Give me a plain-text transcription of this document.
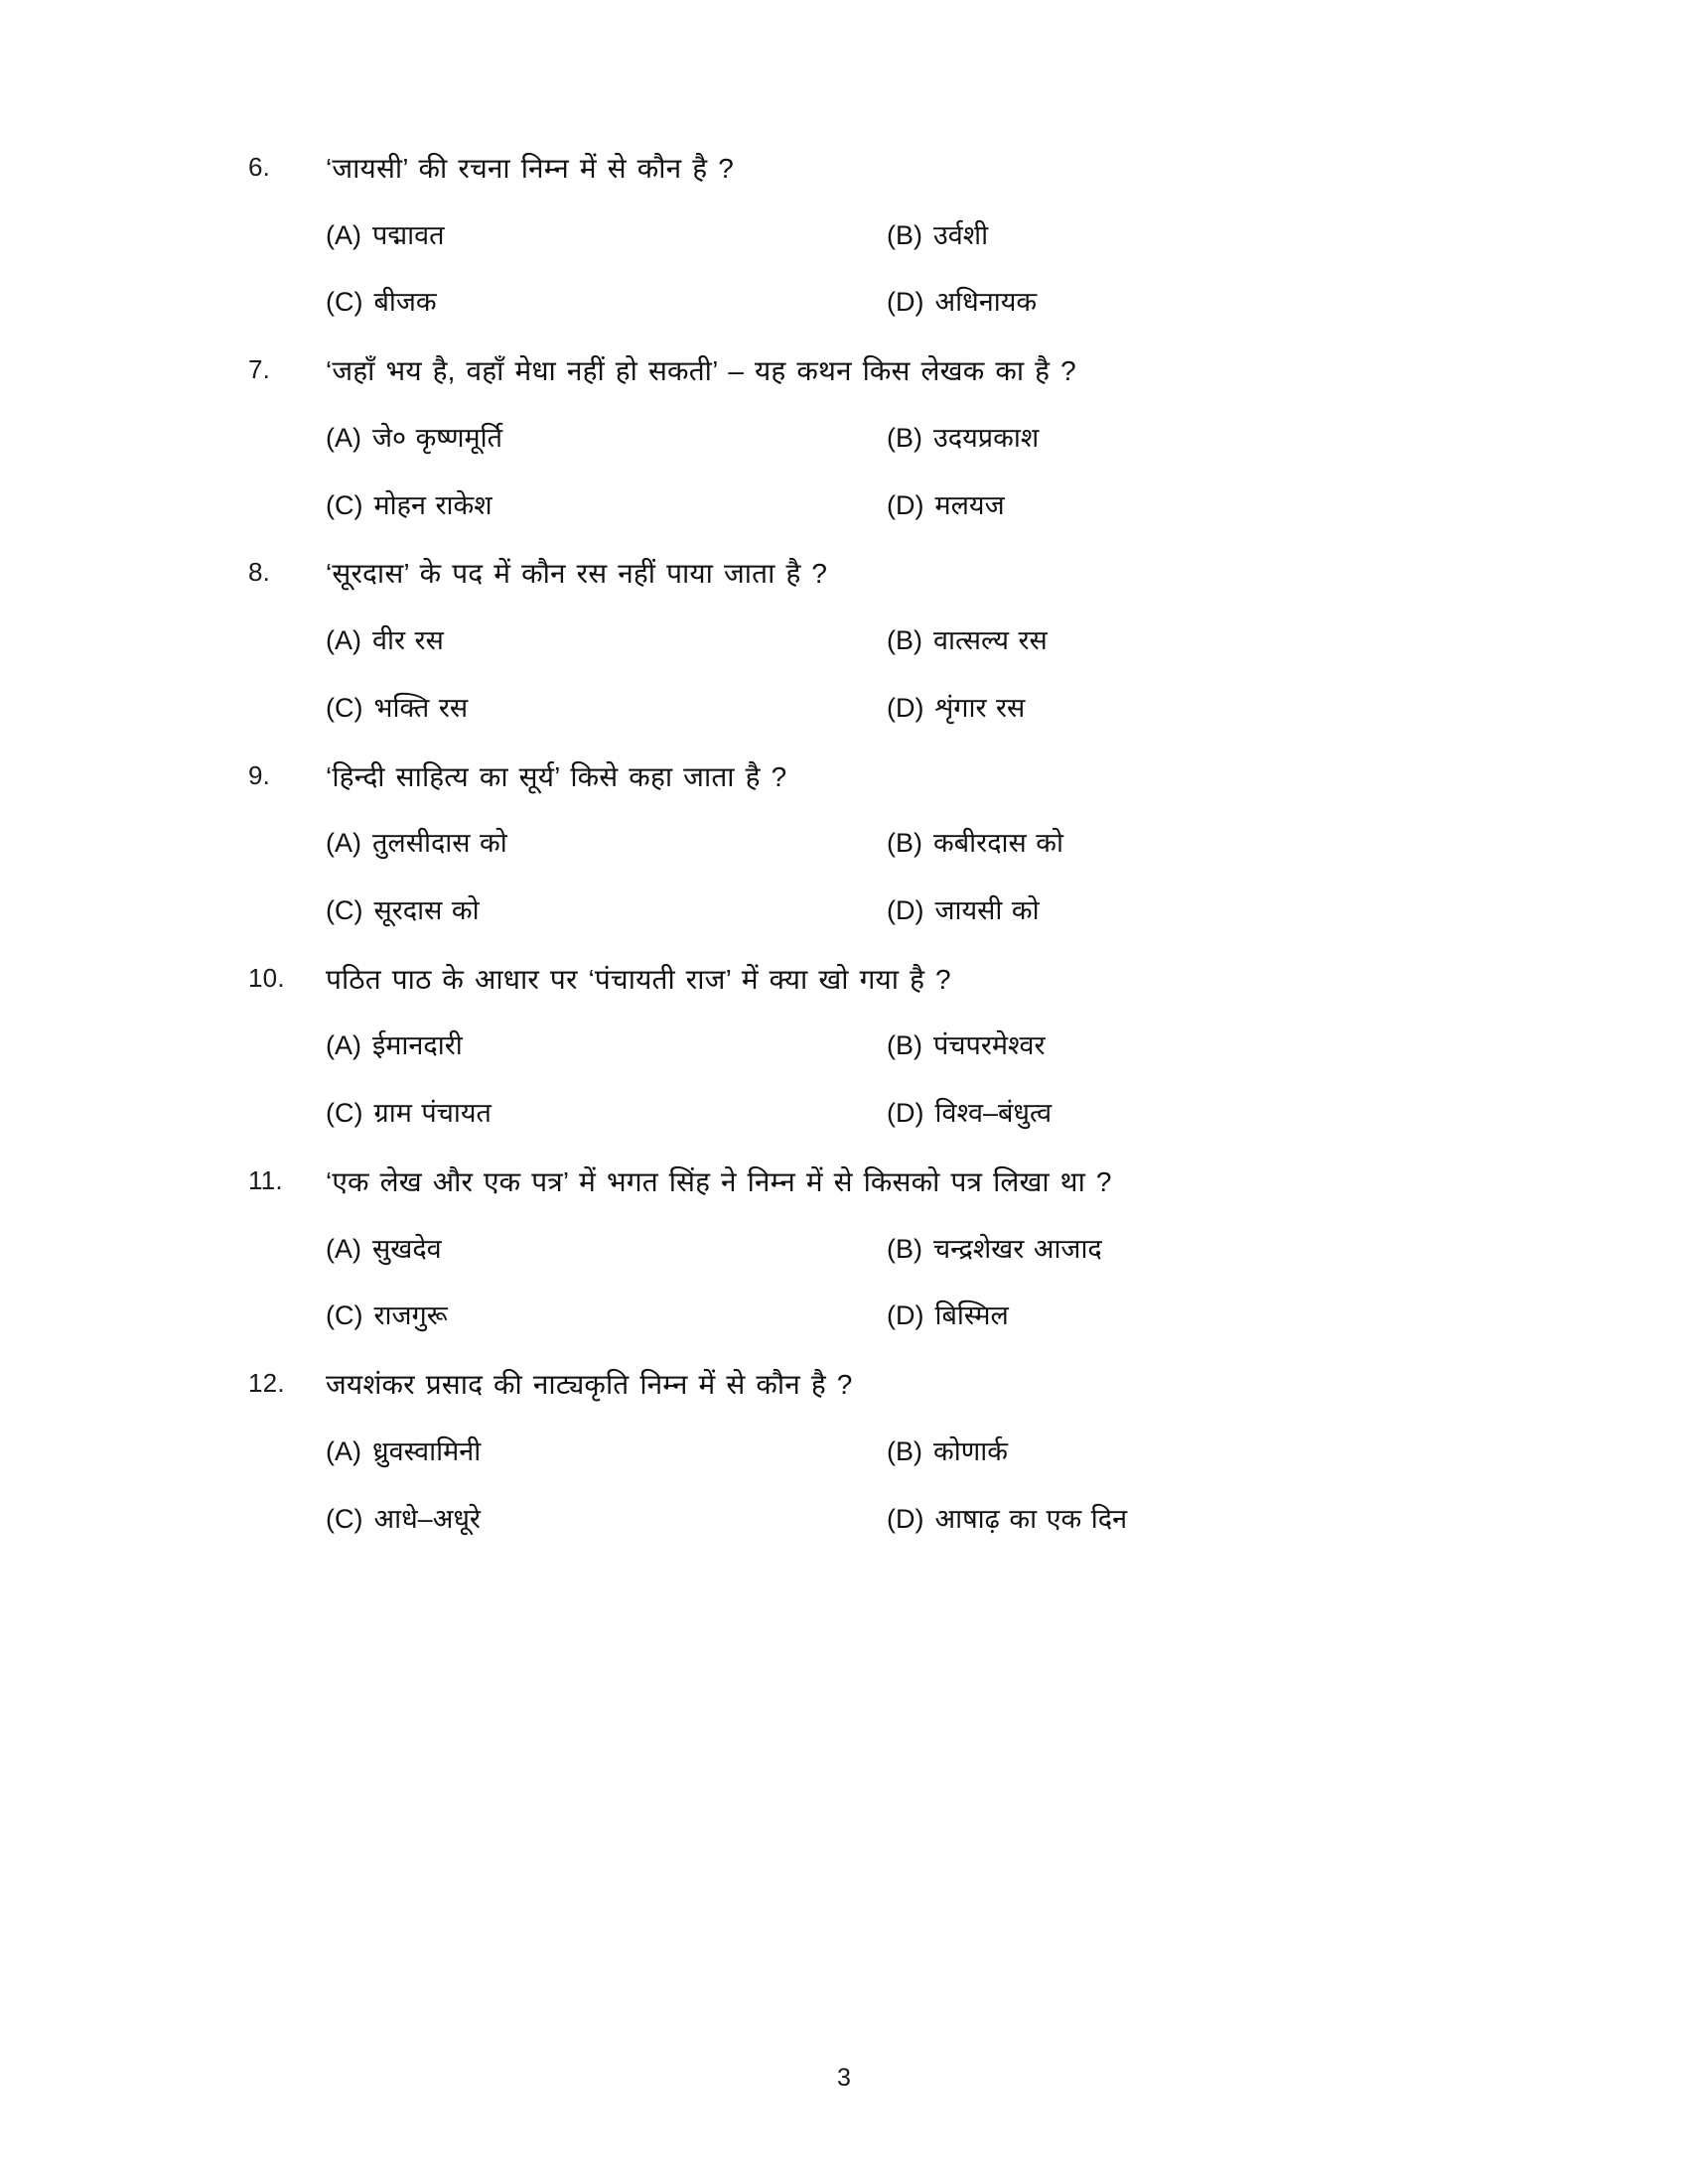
6.	‘जायसी’ की रचना निम्न में से कौन है ?
(A) पद्मावत	(B) उर्वशी
(C) बीजक	(D) अधिनायक
7.	‘जहाँ भय है, वहाँ मेधा नहीं हो सकती’ – यह कथन किस लेखक का है ?
(A) जे० कृष्णमूर्ति	(B) उदयप्रकाश
(C) मोहन राकेश	(D) मलयज
8.	‘सूरदास’ के पद में कौन रस नहीं पाया जाता है ?
(A) वीर रस	(B) वात्सल्य रस
(C) भक्ति रस	(D) शृंगार रस
9.	‘हिन्दी साहित्य का सूर्य’ किसे कहा जाता है ?
(A) तुलसीदास को	(B) कबीरदास को
(C) सूरदास को	(D) जायसी को
10.	पठित पाठ के आधार पर ‘पंचायती राज’ में क्या खो गया है ?
(A) ईमानदारी	(B) पंचपरमेश्वर
(C) ग्राम पंचायत	(D) विश्व–बंधुत्व
11.	‘एक लेख और एक पत्र’ में भगत सिंह ने निम्न में से किसको पत्र लिखा था ?
(A) सुखदेव	(B) चन्द्रशेखर आजाद
(C) राजगुरू	(D) बिस्मिल
12.	जयशंकर प्रसाद की नाट्यकृति निम्न में से कौन है ?
(A) ध्रुवस्वामिनी	(B) कोणार्क
(C) आधे–अधूरे	(D) आषाढ़ का एक दिन
3
